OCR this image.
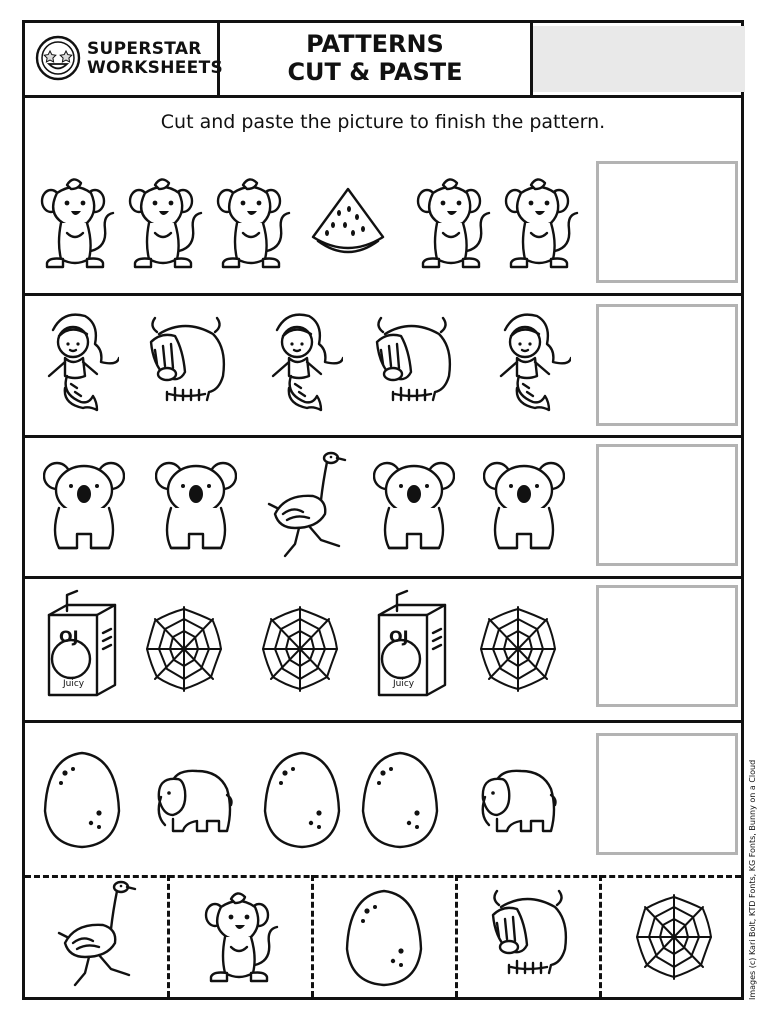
SUPERSTAR
WORKSHEETS
PATTERNS
CUT & PASTE
Cut and paste the picture to finish the pattern.
OJ
Juicy
OJ
Juicy
Images (c) Kari Bolt, KTD Fonts, KG Fonts, Bunny on a Cloud
